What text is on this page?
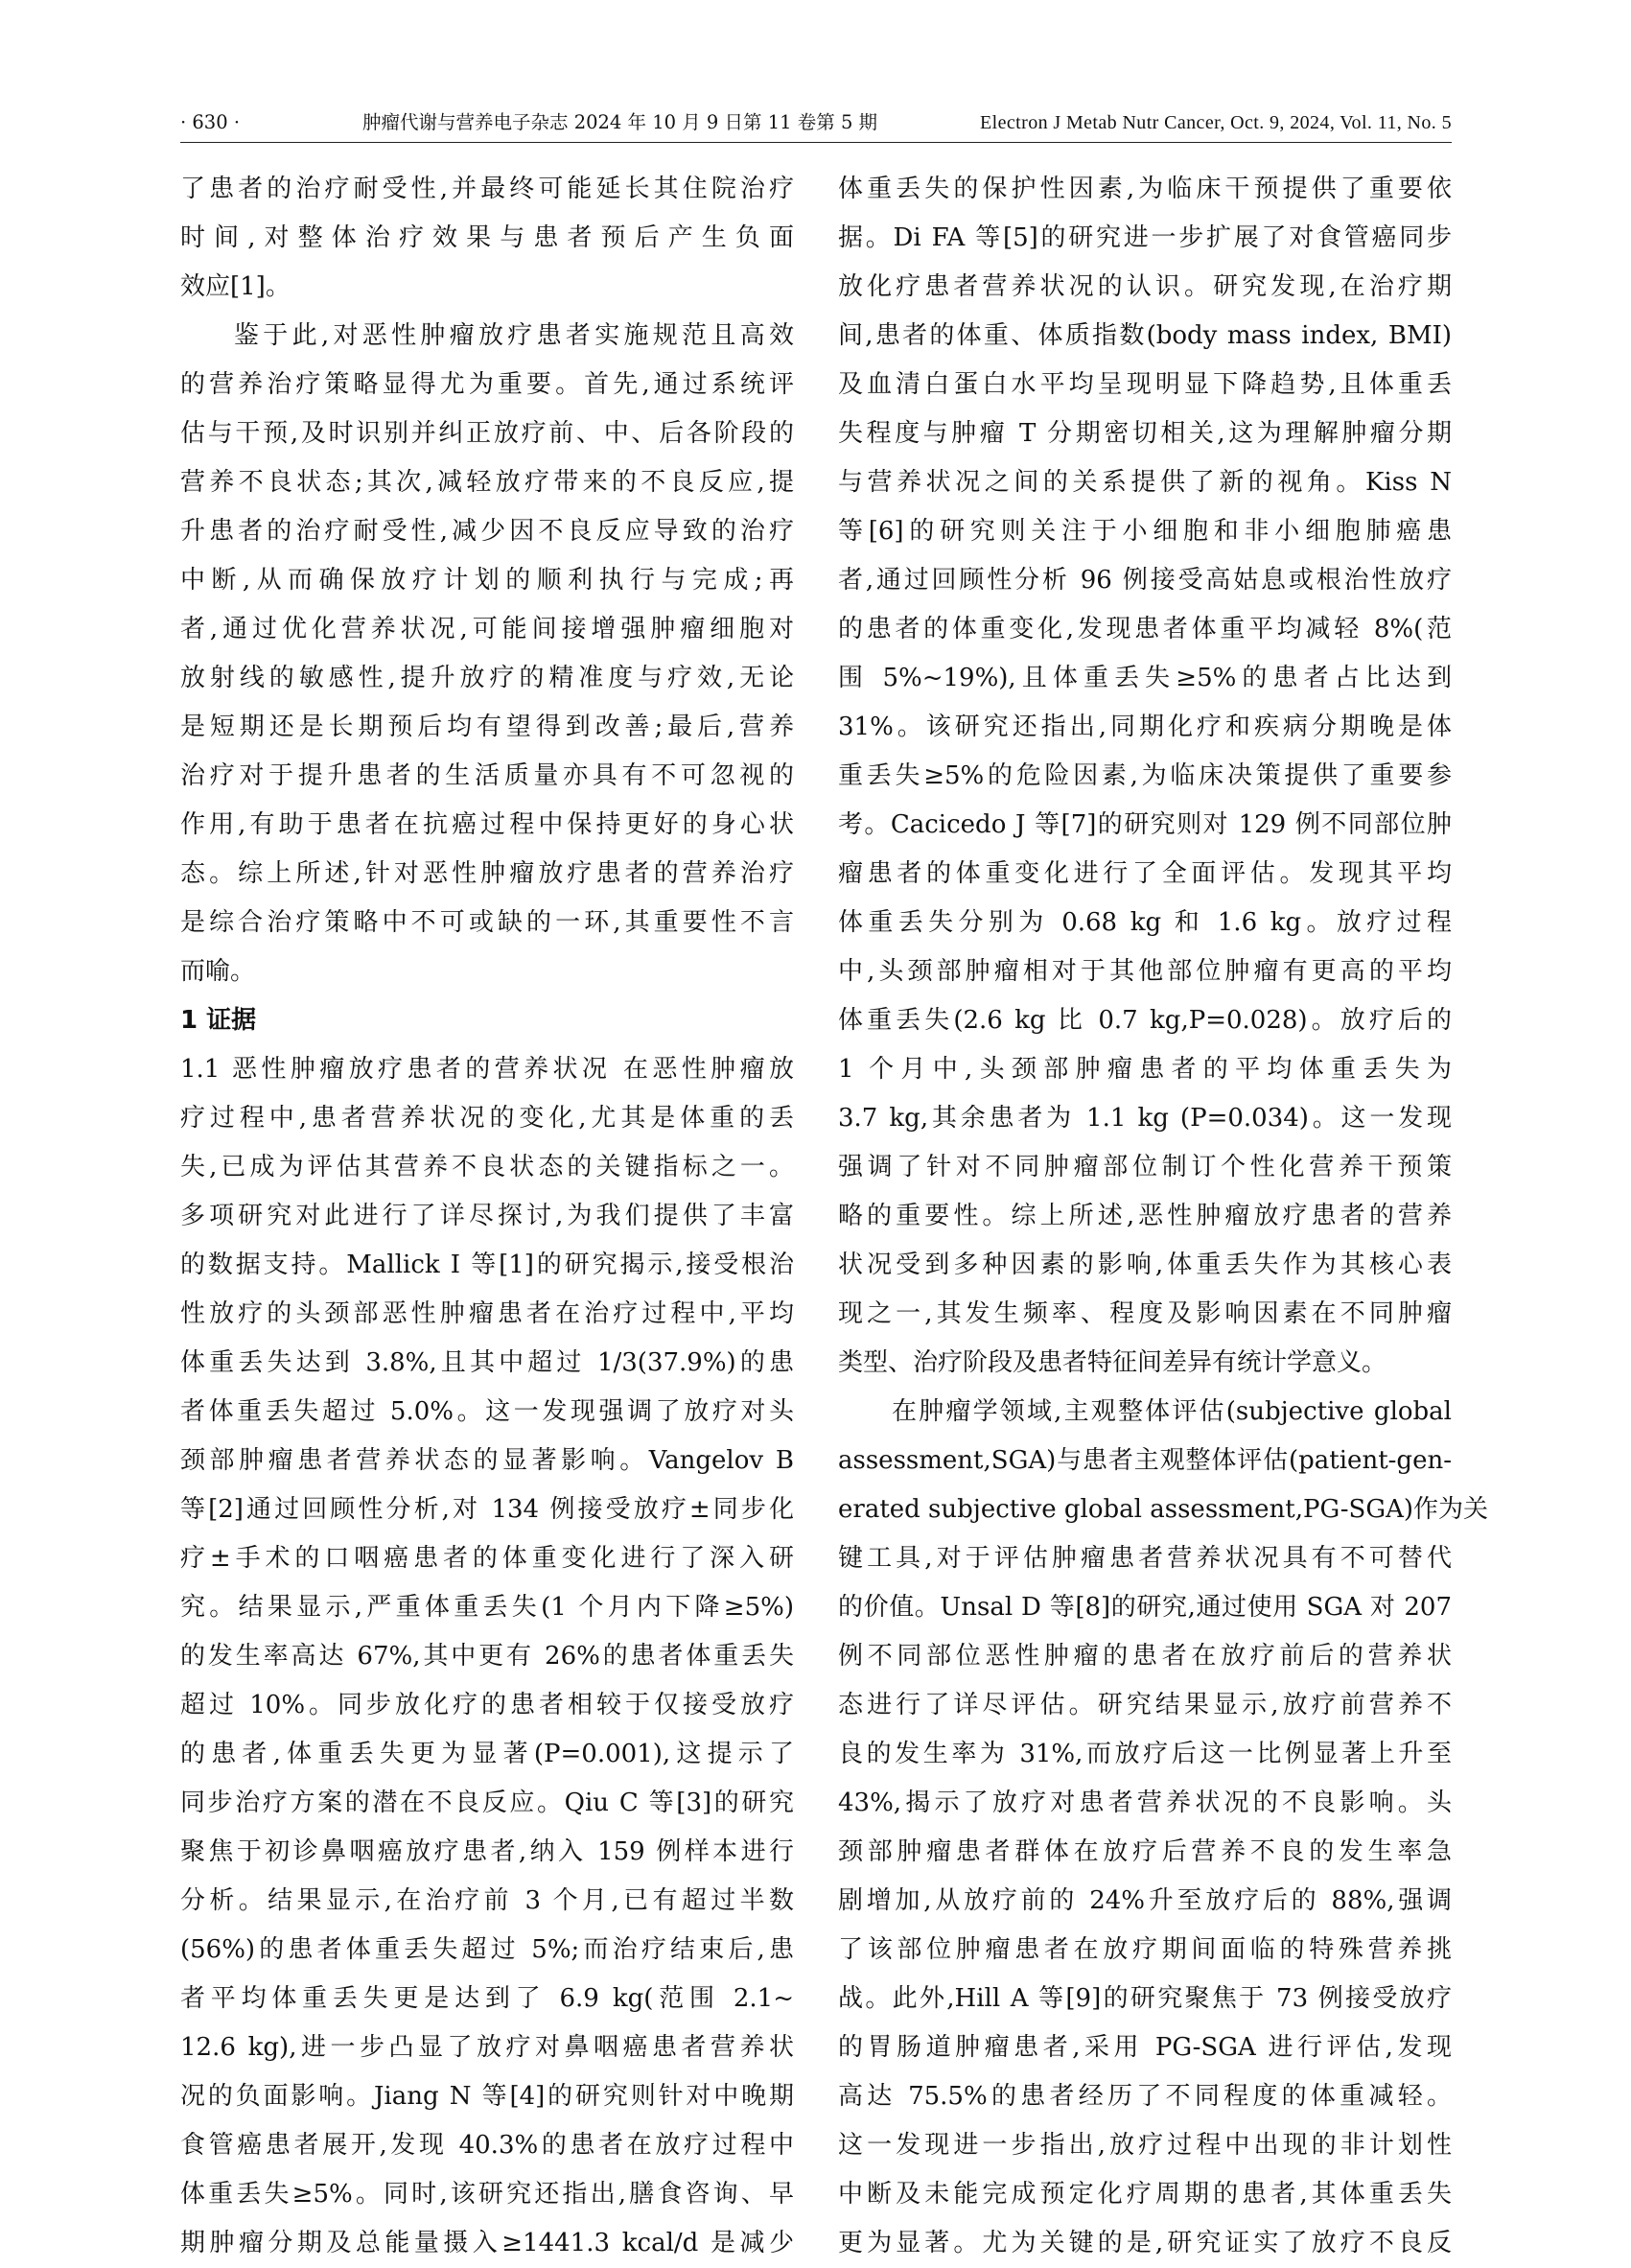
· 630 ·	肿瘤代谢与营养电子杂志 2024 年 10 月 9 日第 11 卷第 5 期	Electron J Metab Nutr Cancer, Oct. 9, 2024, Vol. 11, No. 5
了患者的治疗耐受性,并最终可能延长其住院治疗
时间,对整体治疗效果与患者预后产生负面
效应[1]。
鉴于此,对恶性肿瘤放疗患者实施规范且高效
的营养治疗策略显得尤为重要。首先,通过系统评
估与干预,及时识别并纠正放疗前、中、后各阶段的
营养不良状态;其次,减轻放疗带来的不良反应,提
升患者的治疗耐受性,减少因不良反应导致的治疗
中断,从而确保放疗计划的顺利执行与完成;再
者,通过优化营养状况,可能间接增强肿瘤细胞对
放射线的敏感性,提升放疗的精准度与疗效,无论
是短期还是长期预后均有望得到改善;最后,营养
治疗对于提升患者的生活质量亦具有不可忽视的
作用,有助于患者在抗癌过程中保持更好的身心状
态。综上所述,针对恶性肿瘤放疗患者的营养治疗
是综合治疗策略中不可或缺的一环,其重要性不言
而喻。
1 证据
1.1 恶性肿瘤放疗患者的营养状况 在恶性肿瘤放
疗过程中,患者营养状况的变化,尤其是体重的丢
失,已成为评估其营养不良状态的关键指标之一。
多项研究对此进行了详尽探讨,为我们提供了丰富
的数据支持。Mallick I 等[1]的研究揭示,接受根治
性放疗的头颈部恶性肿瘤患者在治疗过程中,平均
体重丢失达到 3.8%,且其中超过 1/3(37.9%)的患
者体重丢失超过 5.0%。这一发现强调了放疗对头
颈部肿瘤患者营养状态的显著影响。Vangelov B
等[2]通过回顾性分析,对 134 例接受放疗±同步化
疗±手术的口咽癌患者的体重变化进行了深入研
究。结果显示,严重体重丢失(1 个月内下降≥5%)
的发生率高达 67%,其中更有 26%的患者体重丢失
超过 10%。同步放化疗的患者相较于仅接受放疗
的患者,体重丢失更为显著(P=0.001),这提示了
同步治疗方案的潜在不良反应。Qiu C 等[3]的研究
聚焦于初诊鼻咽癌放疗患者,纳入 159 例样本进行
分析。结果显示,在治疗前 3 个月,已有超过半数
(56%)的患者体重丢失超过 5%;而治疗结束后,患
者平均体重丢失更是达到了 6.9 kg(范围 2.1~
12.6 kg),进一步凸显了放疗对鼻咽癌患者营养状
况的负面影响。Jiang N 等[4]的研究则针对中晚期
食管癌患者展开,发现 40.3%的患者在放疗过程中
体重丢失≥5%。同时,该研究还指出,膳食咨询、早
期肿瘤分期及总能量摄入≥1441.3 kcal/d 是减少
体重丢失的保护性因素,为临床干预提供了重要依
据。Di FA 等[5]的研究进一步扩展了对食管癌同步
放化疗患者营养状况的认识。研究发现,在治疗期
间,患者的体重、体质指数(body mass index, BMI)
及血清白蛋白水平均呈现明显下降趋势,且体重丢
失程度与肿瘤 T 分期密切相关,这为理解肿瘤分期
与营养状况之间的关系提供了新的视角。Kiss N
等[6]的研究则关注于小细胞和非小细胞肺癌患
者,通过回顾性分析 96 例接受高姑息或根治性放疗
的患者的体重变化,发现患者体重平均减轻 8%(范
围 5%~19%),且体重丢失≥5%的患者占比达到
31%。该研究还指出,同期化疗和疾病分期晚是体
重丢失≥5%的危险因素,为临床决策提供了重要参
考。Cacicedo J 等[7]的研究则对 129 例不同部位肿
瘤患者的体重变化进行了全面评估。发现其平均
体重丢失分别为 0.68 kg 和 1.6 kg。放疗过程
中,头颈部肿瘤相对于其他部位肿瘤有更高的平均
体重丢失(2.6 kg 比 0.7 kg,P=0.028)。放疗后的
1 个月中,头颈部肿瘤患者的平均体重丢失为
3.7 kg,其余患者为 1.1 kg (P=0.034)。这一发现
强调了针对不同肿瘤部位制订个性化营养干预策
略的重要性。综上所述,恶性肿瘤放疗患者的营养
状况受到多种因素的影响,体重丢失作为其核心表
现之一,其发生频率、程度及影响因素在不同肿瘤
类型、治疗阶段及患者特征间差异有统计学意义。
在肿瘤学领域,主观整体评估(subjective global
assessment,SGA)与患者主观整体评估(patient-gen-
erated subjective global assessment,PG-SGA)作为关
键工具,对于评估肿瘤患者营养状况具有不可替代
的价值。Unsal D 等[8]的研究,通过使用 SGA 对 207
例不同部位恶性肿瘤的患者在放疗前后的营养状
态进行了详尽评估。研究结果显示,放疗前营养不
良的发生率为 31%,而放疗后这一比例显著上升至
43%,揭示了放疗对患者营养状况的不良影响。头
颈部肿瘤患者群体在放疗后营养不良的发生率急
剧增加,从放疗前的 24%升至放疗后的 88%,强调
了该部位肿瘤患者在放疗期间面临的特殊营养挑
战。此外,Hill A 等[9]的研究聚焦于 73 例接受放疗
的胃肠道肿瘤患者,采用 PG-SGA 进行评估,发现
高达 75.5%的患者经历了不同程度的体重减轻。
这一发现进一步指出,放疗过程中出现的非计划性
中断及未能完成预定化疗周期的患者,其体重丢失
更为显著。尤为关键的是,研究证实了放疗不良反
